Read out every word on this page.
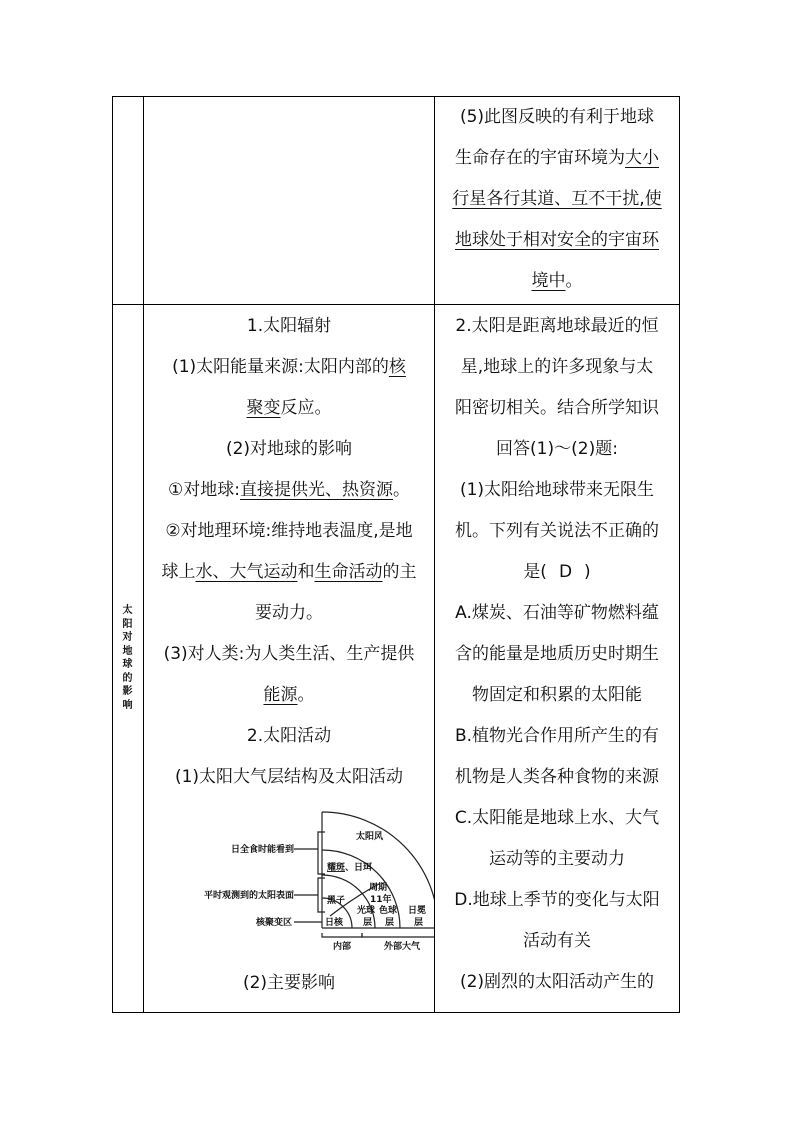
(5)此图反映的有利于地球
生命存在的宇宙环境为大小
行星各行其道、互不干扰,使
地球处于相对安全的宇宙环
境中。
太
阳
对
地
球
的
影
响
1.太阳辐射
(1)太阳能量来源:太阳内部的核
聚变反应。
(2)对地球的影响
①对地球:直接提供光、热资源。
②对地理环境:维持地表温度,是地
球上水、大气运动和生命活动的主
要动力。
(3)对人类:为人类生活、生产提供
能源。
2.太阳活动
(1)太阳大气层结构及太阳活动
日全食时能看到
平时观测到的太阳表面
核聚变区	日核
太阳风
耀斑、日珥
黑子
周期
11年
光球
层
色球
层
日冕
层
内部	外部大气
(2)主要影响
2.太阳是距离地球最近的恒
星,地球上的许多现象与太
阳密切相关。结合所学知识
回答(1)～(2)题:
(1)太阳给地球带来无限生
机。下列有关说法不正确的
是( D )
A.煤炭、石油等矿物燃料蕴
含的能量是地质历史时期生
物固定和积累的太阳能
B.植物光合作用所产生的有
机物是人类各种食物的来源
C.太阳能是地球上水、大气
运动等的主要动力
D.地球上季节的变化与太阳
活动有关
(2)剧烈的太阳活动产生的
